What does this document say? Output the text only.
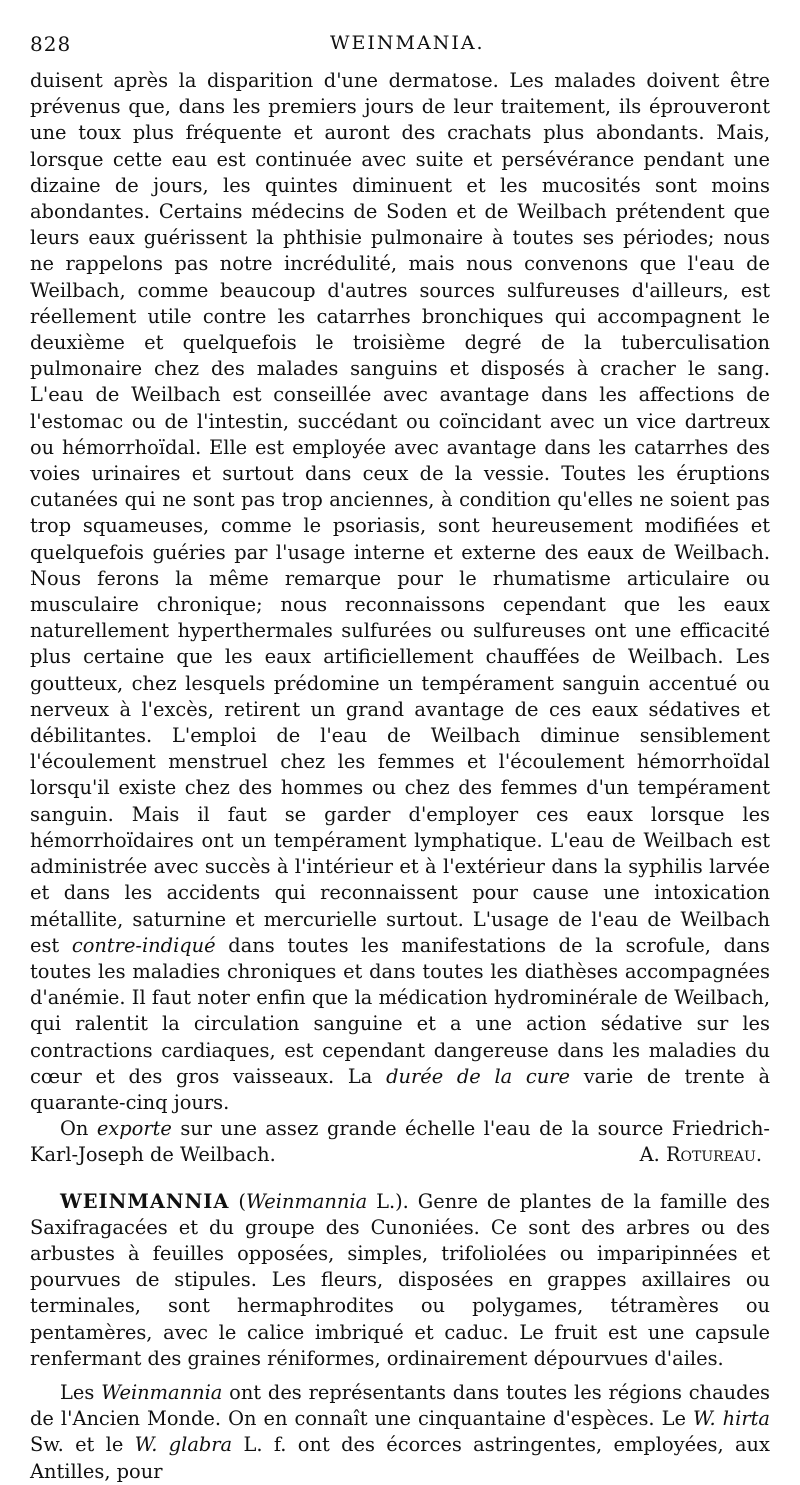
828	WEINMANIA.

duisent après la disparition d'une dermatose. Les malades doivent être prévenus que, dans les premiers jours de leur traitement, ils éprouveront une toux plus fréquente et auront des crachats plus abondants. Mais, lorsque cette eau est continuée avec suite et persévérance pendant une dizaine de jours, les quintes diminuent et les mucosités sont moins abondantes. Certains médecins de Soden et de Weilbach prétendent que leurs eaux guérissent la phthisie pulmonaire à toutes ses périodes; nous ne rappelons pas notre incrédulité, mais nous convenons que l'eau de Weilbach, comme beaucoup d'autres sources sulfureuses d'ailleurs, est réellement utile contre les catarrhes bronchiques qui accompagnent le deuxième et quelquefois le troisième degré de la tuberculisation pulmonaire chez des malades sanguins et disposés à cracher le sang. L'eau de Weilbach est conseillée avec avantage dans les affections de l'estomac ou de l'intestin, succédant ou coïncidant avec un vice dartreux ou hémorrhoïdal. Elle est employée avec avantage dans les catarrhes des voies urinaires et surtout dans ceux de la vessie. Toutes les éruptions cutanées qui ne sont pas trop anciennes, à condition qu'elles ne soient pas trop squameuses, comme le psoriasis, sont heureusement modifiées et quelquefois guéries par l'usage interne et externe des eaux de Weilbach. Nous ferons la même remarque pour le rhumatisme articulaire ou musculaire chronique; nous reconnaissons cependant que les eaux naturellement hyperthermales sulfurées ou sulfureuses ont une efficacité plus certaine que les eaux artificiellement chauffées de Weilbach. Les goutteux, chez lesquels prédomine un tempérament sanguin accentué ou nerveux à l'excès, retirent un grand avantage de ces eaux sédatives et débilitantes. L'emploi de l'eau de Weilbach diminue sensiblement l'écoulement menstruel chez les femmes et l'écoulement hémorrhoïdal lorsqu'il existe chez des hommes ou chez des femmes d'un tempérament sanguin. Mais il faut se garder d'employer ces eaux lorsque les hémorrhoïdaires ont un tempérament lymphatique. L'eau de Weilbach est administrée avec succès à l'intérieur et à l'extérieur dans la syphilis larvée et dans les accidents qui reconnaissent pour cause une intoxication métallite, saturnine et mercurielle surtout. L'usage de l'eau de Weilbach est contre-indiqué dans toutes les manifestations de la scrofule, dans toutes les maladies chroniques et dans toutes les diathèses accompagnées d'anémie. Il faut noter enfin que la médication hydrominérale de Weilbach, qui ralentit la circulation sanguine et a une action sédative sur les contractions cardiaques, est cependant dangereuse dans les maladies du cœur et des gros vaisseaux. La durée de la cure varie de trente à quarante-cinq jours.

On exporte sur une assez grande échelle l'eau de la source Friedrich-Karl-Joseph de Weilbach.	A. Rotureau.

WEINMANNIA (Weinmannia L.). Genre de plantes de la famille des Saxifragacées et du groupe des Cunoniées. Ce sont des arbres ou des arbustes à feuilles opposées, simples, trifoliolées ou imparipinnées et pourvues de stipules. Les fleurs, disposées en grappes axillaires ou terminales, sont hermaphrodites ou polygames, tétramères ou pentamères, avec le calice imbriqué et caduc. Le fruit est une capsule renfermant des graines réniformes, ordinairement dépourvues d'ailes.

Les Weinmannia ont des représentants dans toutes les régions chaudes de l'Ancien Monde. On en connaît une cinquantaine d'espèces. Le W. hirta Sw. et le W. glabra L. f. ont des écorces astringentes, employées, aux Antilles, pour
